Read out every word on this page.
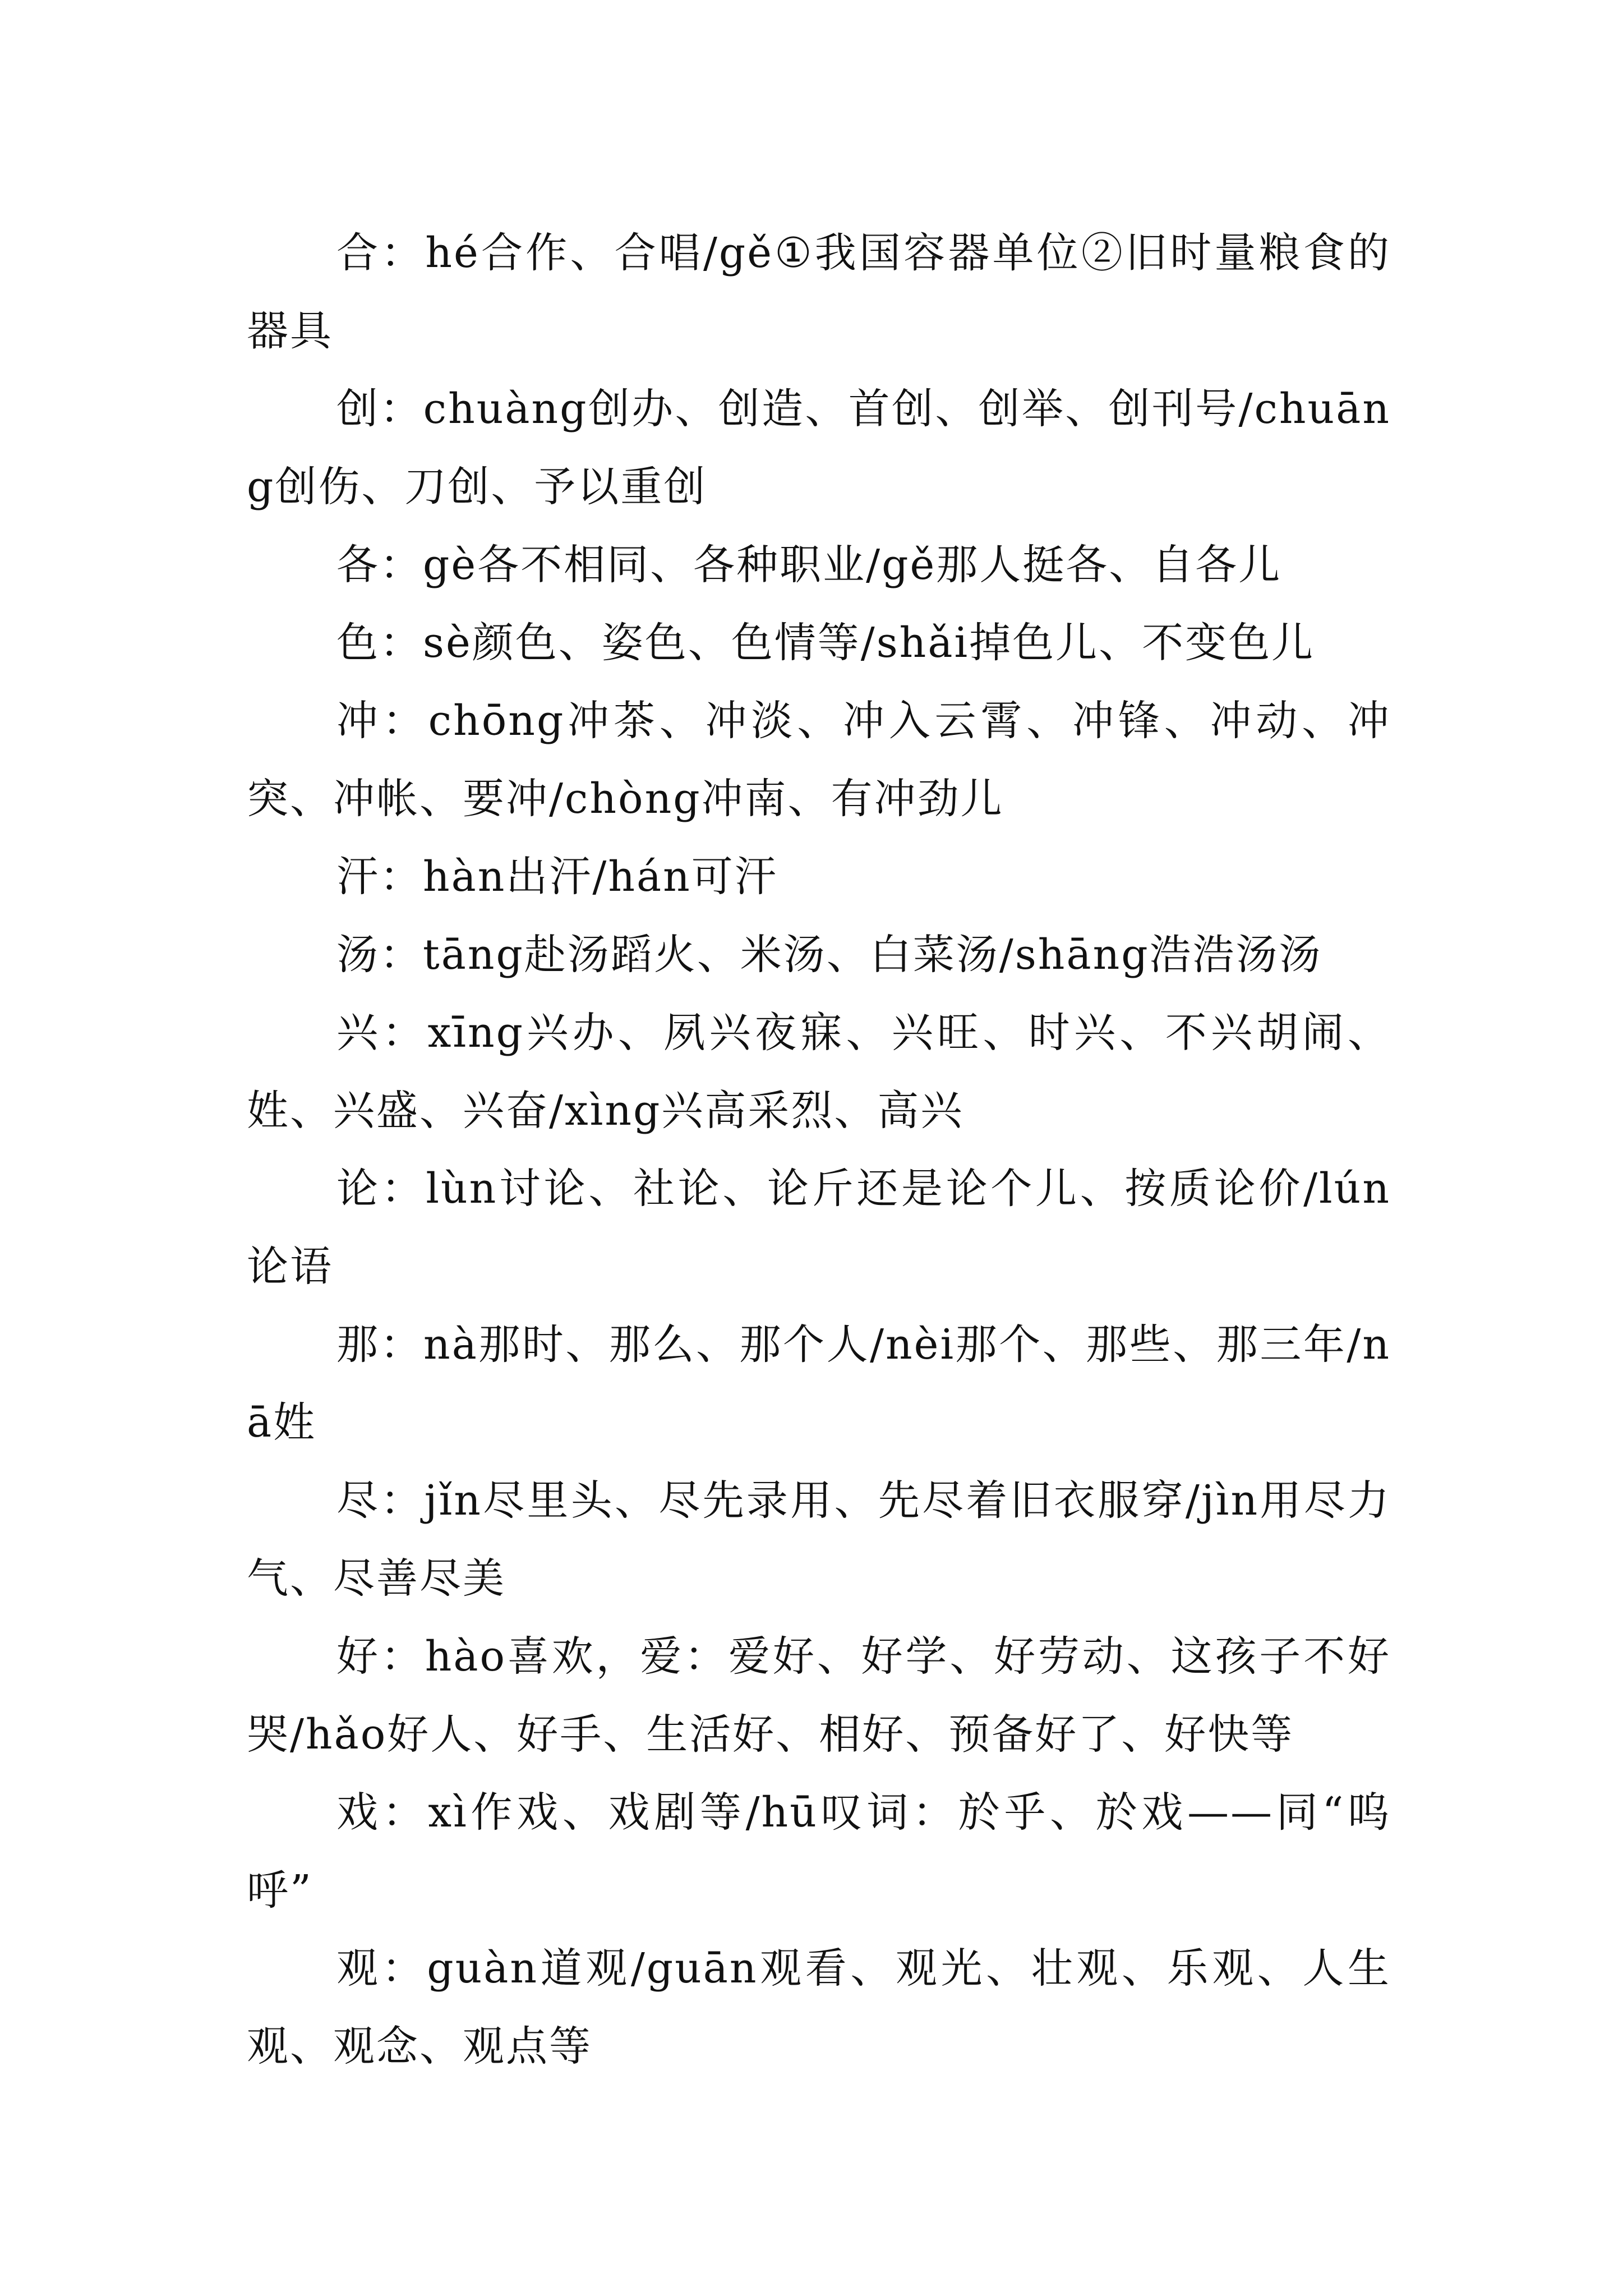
合：hé合作、合唱/gě①我国容器单位②旧时量粮食的器具

创：chuàng创办、创造、首创、创举、创刊号/chuāng创伤、刀创、予以重创

各：gè各不相同、各种职业/gě那人挺各、自各儿

色：sè颜色、姿色、色情等/shǎi掉色儿、不变色儿

冲：chōng冲茶、冲淡、冲入云霄、冲锋、冲动、冲突、冲帐、要冲/chòng冲南、有冲劲儿

汗：hàn出汗/hán可汗

汤：tāng赴汤蹈火、米汤、白菜汤/shāng浩浩汤汤

兴：xīng兴办、夙兴夜寐、兴旺、时兴、不兴胡闹、姓、兴盛、兴奋/xìng兴高采烈、高兴

论：lùn讨论、社论、论斤还是论个儿、按质论价/lún论语

那：nà那时、那么、那个人/nèi那个、那些、那三年/nā姓

尽：jǐn尽里头、尽先录用、先尽着旧衣服穿/jìn用尽力气、尽善尽美

好：hào喜欢，爱：爱好、好学、好劳动、这孩子不好哭/hǎo好人、好手、生活好、相好、预备好了、好快等

戏：xì作戏、戏剧等/hū叹词：於乎、於戏——同“呜呼”

观：guàn道观/guān观看、观光、壮观、乐观、人生观、观念、观点等
